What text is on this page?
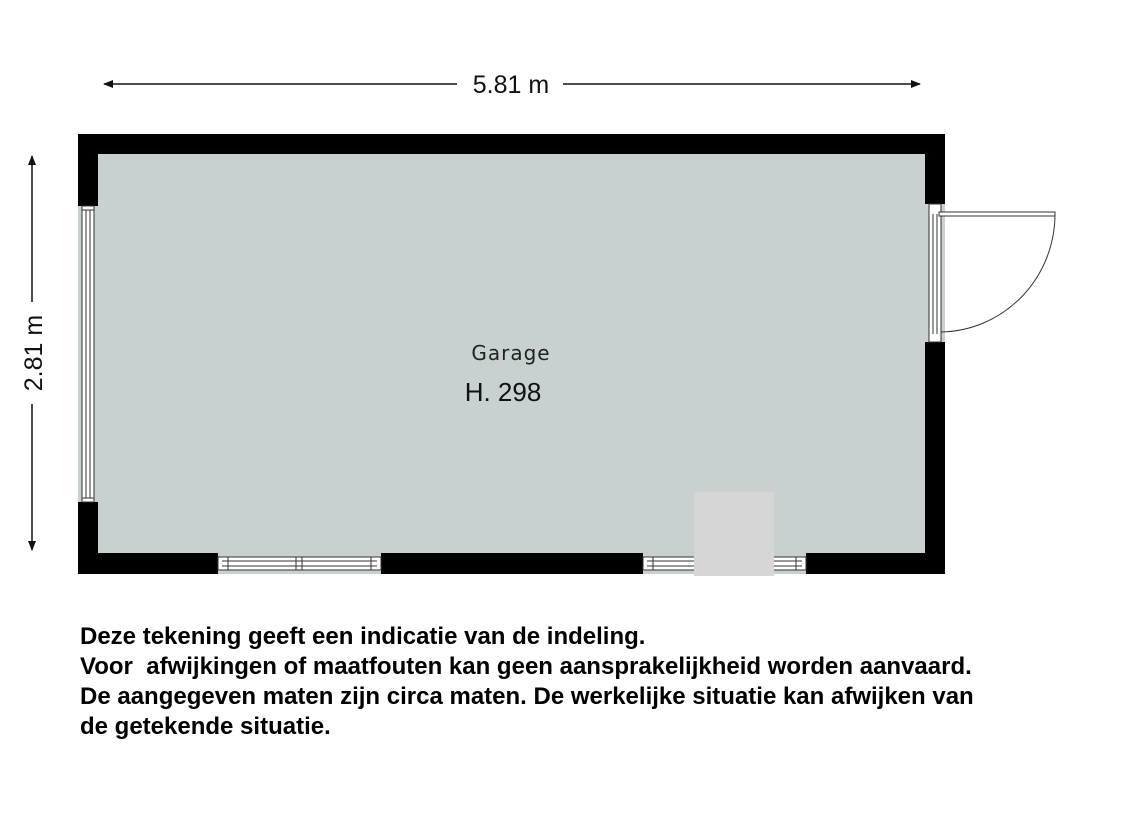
5.81 m
2.81 m	Garage
H. 298
Deze tekening geeft een indicatie van de indeling.
Voor  afwijkingen of maatfouten kan geen aansprakelijkheid worden aanvaard.
De aangegeven maten zijn circa maten. De werkelijke situatie kan afwijken van
de getekende situatie.
